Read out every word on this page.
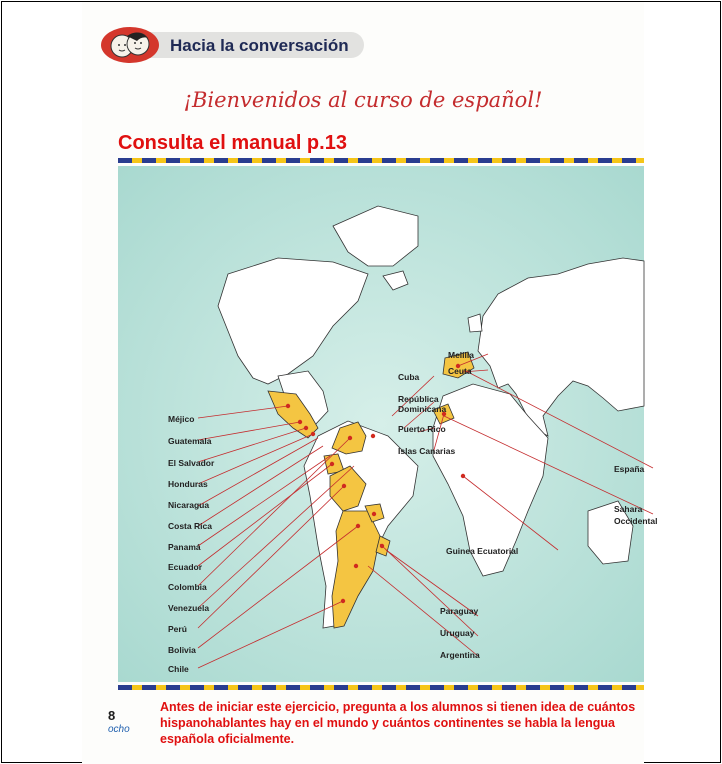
Hacia la conversación
¡Bienvenidos al curso de español!
Consulta el manual p.13
Méjico
Guatemala
El Salvador
Honduras
Nicaragua
Costa Rica
Panamá
Ecuador
Colombia
Venezuela
Perú
Bolivia
Chile
Cuba
República
Dominicana
Puerto Rico
Islas Canarias
Melilla
Ceuta
España
Sahara
Occidental
Guinea Ecuatorial
Paraguay
Uruguay
Argentina
8
ocho
Antes de iniciar este ejercicio, pregunta a los alumnos si tienen idea de cuántos hispanohablantes hay en el mundo y cuántos continentes se habla la lengua española oficialmente.
